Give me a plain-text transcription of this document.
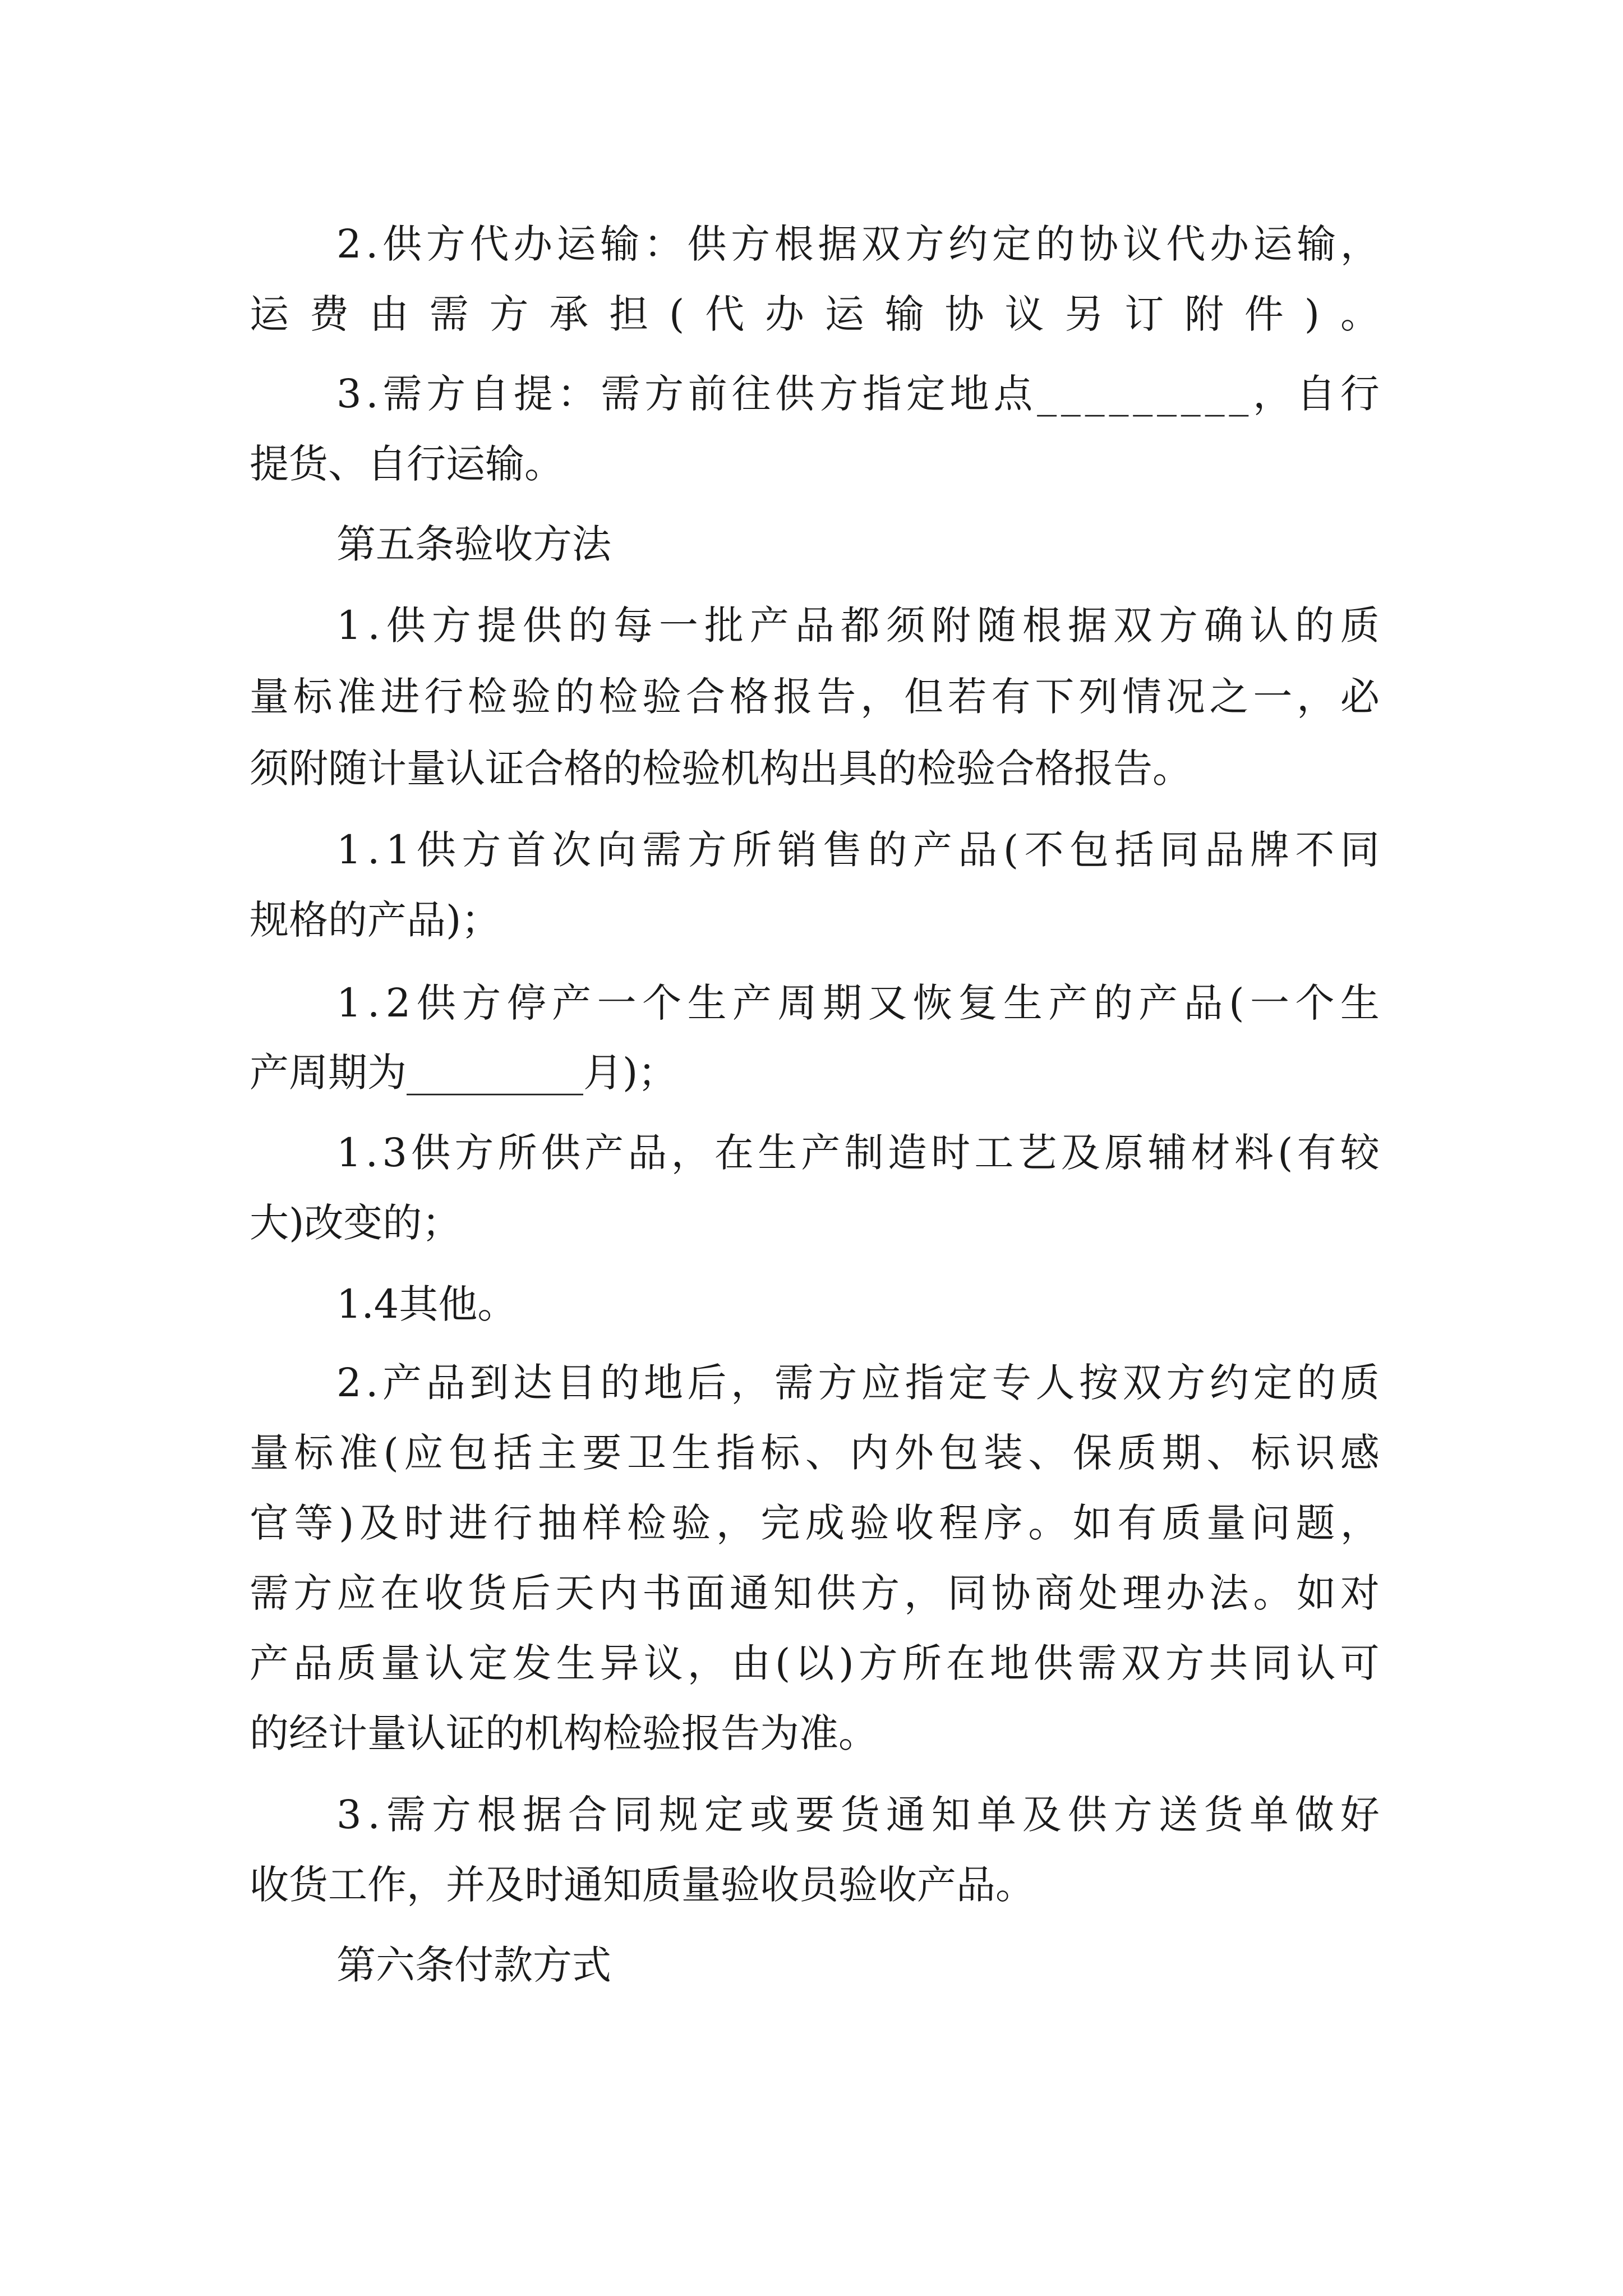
2 . 供 方 代 办 运 输 ： 供 方 根 据 双 方 约 定 的 协 议 代 办 运 输 ，
运 费 由 需 方 承 担 ( 代 办 运 输 协 议 另 订 附 件 ) 。
3 . 需 方 自 提 ： 需 方 前 往 供 方 指 定 地 点 _ _ _ _ _ _ _ _ _ ， 自 行
提货、自行运输。
第五条验收方法
1 . 供 方 提 供 的 每 一 批 产 品 都 须 附 随 根 据 双 方 确 认 的 质
量 标 准 进 行 检 验 的 检 验 合 格 报 告 ， 但 若 有 下 列 情 况 之 一 ， 必
须附随计量认证合格的检验机构出具的检验合格报告。
1 . 1 供 方 首 次 向 需 方 所 销 售 的 产 品 ( 不 包 括 同 品 牌 不 同
规格的产品)；
1 . 2 供 方 停 产 一 个 生 产 周 期 又 恢 复 生 产 的 产 品 ( 一 个 生
产周期为_________月)；
1 . 3 供 方 所 供 产 品 ， 在 生 产 制 造 时 工 艺 及 原 辅 材 料 ( 有 较
大)改变的；
1.4其他。
2 . 产 品 到 达 目 的 地 后 ， 需 方 应 指 定 专 人 按 双 方 约 定 的 质
量 标 准 ( 应 包 括 主 要 卫 生 指 标 、 内 外 包 装 、 保 质 期 、 标 识 感
官 等 ) 及 时 进 行 抽 样 检 验 ， 完 成 验 收 程 序 。 如 有 质 量 问 题 ，
需 方 应 在 收 货 后 天 内 书 面 通 知 供 方 ， 同 协 商 处 理 办 法 。 如 对
产 品 质 量 认 定 发 生 异 议 ， 由 ( 以 ) 方 所 在 地 供 需 双 方 共 同 认 可
的经计量认证的机构检验报告为准。
3 . 需 方 根 据 合 同 规 定 或 要 货 通 知 单 及 供 方 送 货 单 做 好
收货工作，并及时通知质量验收员验收产品。
第六条付款方式
